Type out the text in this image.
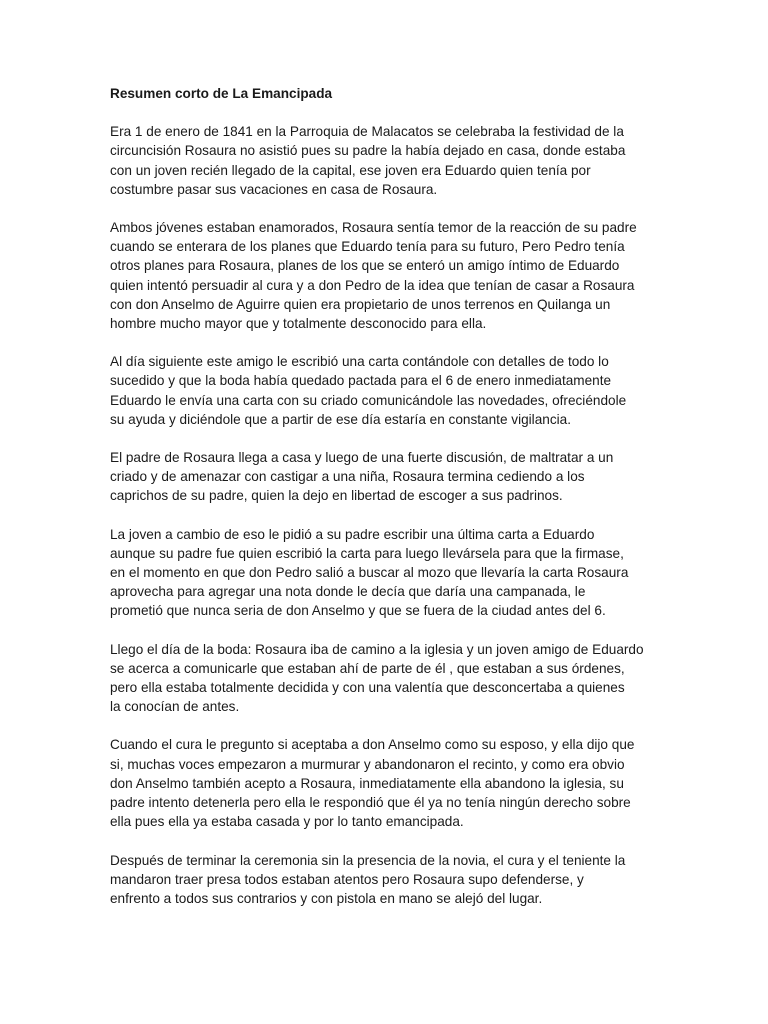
Resumen corto de La Emancipada
Era 1 de enero de 1841 en la Parroquia de Malacatos se celebraba la festividad de la
circuncisión Rosaura no asistió pues su padre la había dejado en casa, donde estaba
con un joven recién llegado de la capital, ese joven era Eduardo quien tenía por
costumbre pasar sus vacaciones en casa de Rosaura.
Ambos jóvenes estaban enamorados, Rosaura sentía temor de la reacción de su padre
cuando se enterara de los planes que Eduardo tenía para su futuro, Pero Pedro tenía
otros planes para Rosaura, planes de los que se enteró un amigo íntimo de Eduardo
quien intentó persuadir al cura y a don Pedro de la idea que tenían de casar a Rosaura
con don Anselmo de Aguirre quien era propietario de unos terrenos en Quilanga un
hombre mucho mayor que y totalmente desconocido para ella.
Al día siguiente este amigo le escribió una carta contándole con detalles de todo lo
sucedido y que la boda había quedado pactada para el 6 de enero inmediatamente
Eduardo le envía una carta con su criado comunicándole las novedades, ofreciéndole
su ayuda y diciéndole que a partir de ese día estaría en constante vigilancia.
El padre de Rosaura llega a casa y luego de una fuerte discusión, de maltratar a un
criado y de amenazar con castigar a una niña, Rosaura termina cediendo a los
caprichos de su padre, quien la dejo en libertad de escoger a sus padrinos.
La joven a cambio de eso le pidió a su padre escribir una última carta a Eduardo
aunque su padre fue quien escribió la carta para luego llevársela para que la firmase,
en el momento en que don Pedro salió a buscar al mozo que llevaría la carta Rosaura
aprovecha para agregar una nota donde le decía que daría una campanada, le
prometió que nunca seria de don Anselmo y que se fuera de la ciudad antes del 6.
Llego el día de la boda: Rosaura iba de camino a la iglesia y un joven amigo de Eduardo
se acerca a comunicarle que estaban ahí de parte de él , que estaban a sus órdenes,
pero ella estaba totalmente decidida y con una valentía que desconcertaba a quienes
la conocían de antes.
Cuando el cura le pregunto si aceptaba a don Anselmo como su esposo, y ella dijo que
si, muchas voces empezaron a murmurar y abandonaron el recinto, y como era obvio
don Anselmo también acepto a Rosaura, inmediatamente ella abandono la iglesia, su
padre intento detenerla pero ella le respondió que él ya no tenía ningún derecho sobre
ella pues ella ya estaba casada y por lo tanto emancipada.
Después de terminar la ceremonia sin la presencia de la novia, el cura y el teniente la
mandaron traer presa todos estaban atentos pero Rosaura supo defenderse, y
enfrento a todos sus contrarios y con pistola en mano se alejó del lugar.
